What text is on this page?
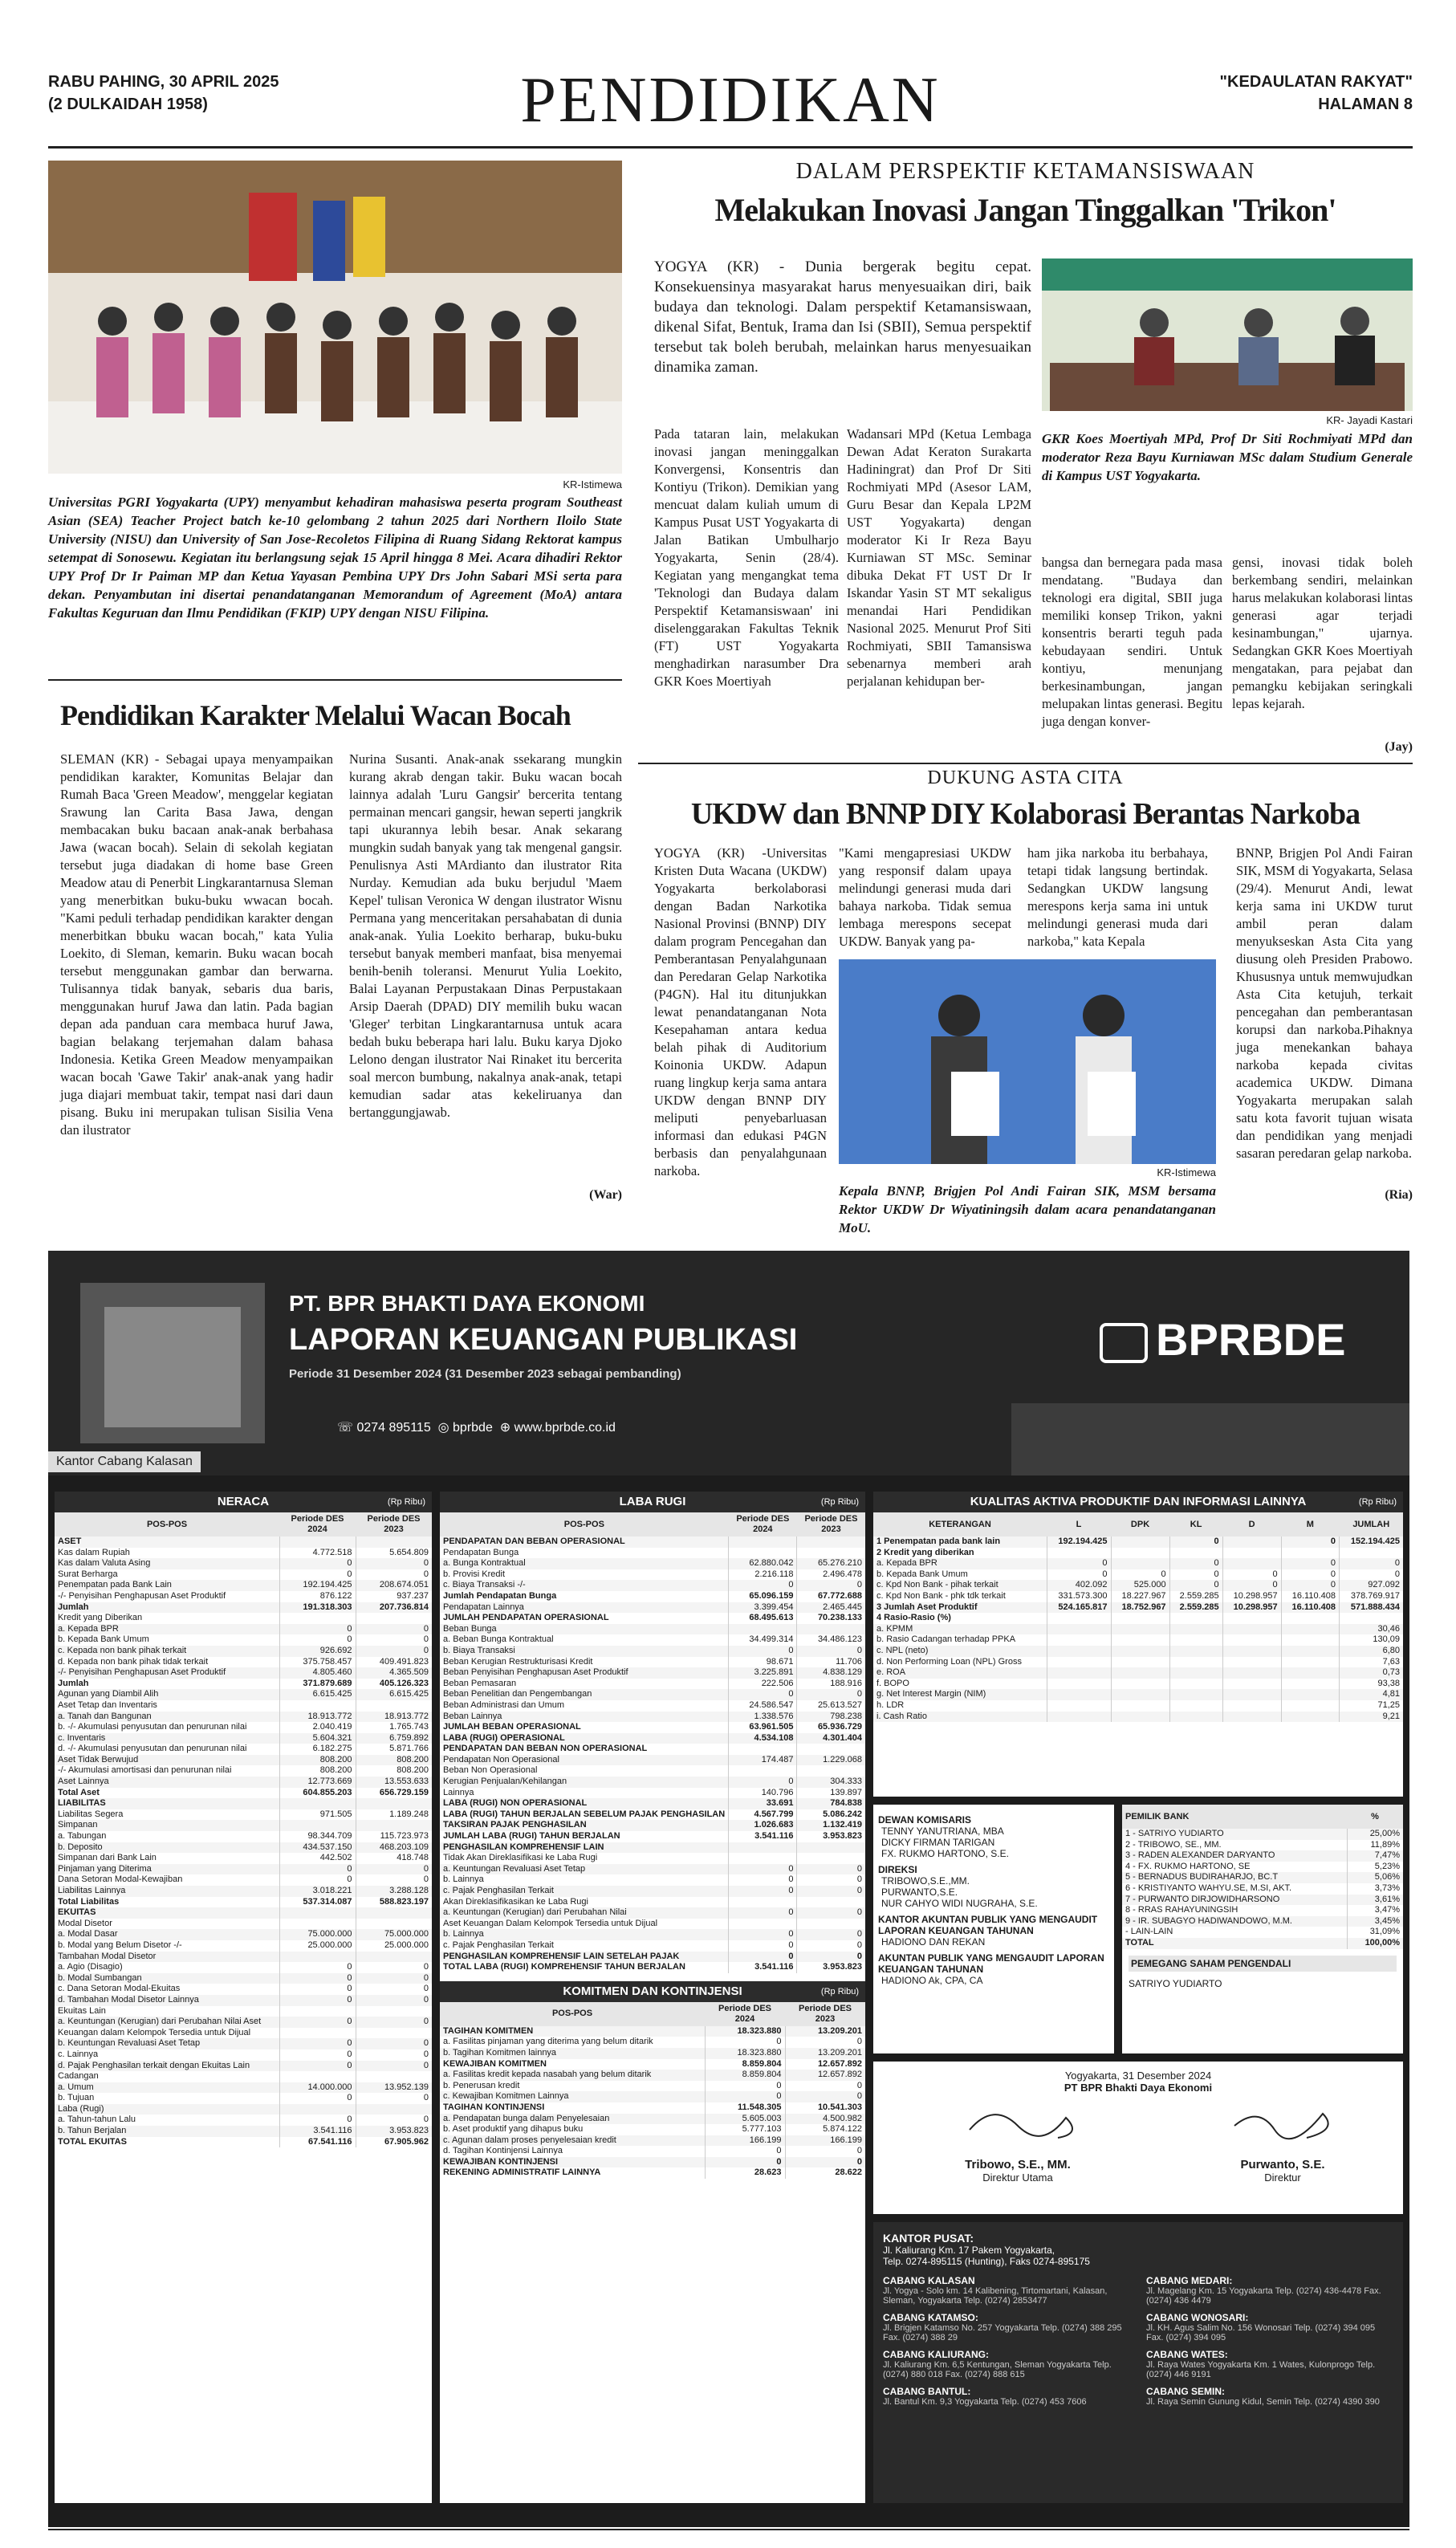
RABU PAHING, 30 APRIL 2025
(2 DULKAIDAH 1958)	PENDIDIKAN	"KEDAULATAN RAKYAT"
HALAMAN 8
KR-Istimewa
Universitas PGRI Yogyakarta (UPY) menyambut kehadiran mahasiswa peserta program Southeast Asian (SEA) Teacher Project batch ke-10 gelombang 2 tahun 2025 dari Northern Iloilo State University (NISU) dan University of San Jose-Recoletos Filipina di Ruang Sidang Rektorat kampus setempat di Sonosewu. Kegiatan itu berlangsung sejak 15 April hingga 8 Mei. Acara dihadiri Rektor UPY Prof Dr Ir Paiman MP dan Ketua Yayasan Pembina UPY Drs John Sabari MSi serta para dekan. Penyambutan ini disertai penandatanganan Memorandum of Agreement (MoA) antara Fakultas Keguruan dan Ilmu Pendidikan (FKIP) UPY dengan NISU Filipina.
DALAM PERSPEKTIF KETAMANSISWAAN
Melakukan Inovasi Jangan Tinggalkan 'Trikon'
YOGYA (KR) - Dunia bergerak begitu cepat. Konsekuensinya masyarakat harus menyesuaikan diri, baik budaya dan teknologi. Dalam perspektif Ketamansiswaan, dikenal Sifat, Bentuk, Irama dan Isi (SBII), Semua perspektif tersebut tak boleh berubah, melainkan harus menyesuaikan dinamika zaman.
KR- Jayadi Kastari
GKR Koes Moertiyah MPd, Prof Dr Siti Rochmiyati MPd dan moderator Reza Bayu Kurniawan MSc dalam Studium Generale di Kampus UST Yogyakarta.
Pada tataran lain, melakukan inovasi jangan meninggalkan Konvergensi, Konsentris dan Kontiyu (Trikon). Demikian yang mencuat dalam kuliah umum di Kampus Pusat UST Yogyakarta di Jalan Batikan Umbulharjo Yogyakarta, Senin (28/4). Kegiatan yang mengangkat tema 'Teknologi dan Budaya dalam Perspektif Ketamansiswaan' ini diselenggarakan Fakultas Teknik (FT) UST Yogyakarta menghadirkan narasumber Dra GKR Koes Moertiyah
Wadansari MPd (Ketua Lembaga Dewan Adat Keraton Surakarta Hadiningrat) dan Prof Dr Siti Rochmiyati MPd (Asesor LAM, Guru Besar dan Kepala LP2M UST Yogyakarta) dengan moderator Ki Ir Reza Bayu Kurniawan ST MSc. Seminar dibuka Dekat FT UST Dr Ir Iskandar Yasin ST MT sekaligus menandai Hari Pendidikan Nasional 2025. Menurut Prof Siti Rochmiyati, SBII Tamansiswa sebenarnya memberi arah perjalanan kehidupan ber-
bangsa dan bernegara pada masa mendatang. "Budaya dan teknologi era digital, SBII juga memiliki konsep Trikon, yakni konsentris berarti teguh pada kebudayaan sendiri. Untuk kontiyu, menunjang berkesinambungan, jangan melupakan lintas generasi. Begitu juga dengan konver-
gensi, inovasi tidak boleh berkembang sendiri, melainkan harus melakukan kolaborasi lintas generasi agar terjadi kesinambungan," ujarnya. Sedangkan GKR Koes Moertiyah mengatakan, para pejabat dan pemangku kebijakan seringkali lepas kejarah.
(Jay)
Pendidikan Karakter Melalui Wacan Bocah
SLEMAN (KR) - Sebagai upaya menyampaikan pendidikan karakter, Komunitas Belajar dan Rumah Baca 'Green Meadow', menggelar kegiatan Srawung lan Carita Basa Jawa, dengan membacakan buku bacaan anak-anak berbahasa Jawa (wacan bocah). Selain di sekolah kegiatan tersebut juga diadakan di home base Green Meadow atau di Penerbit Lingkarantarnusa Sleman yang menerbitkan buku-buku wwacan bocah. "Kami peduli terhadap pendidikan karakter dengan menerbitkan bbuku wacan bocah," kata Yulia Loekito, di Sleman, kemarin. Buku wacan bocah tersebut menggunakan gambar dan berwarna. Tulisannya tidak banyak, sebaris dua baris, menggunakan huruf Jawa dan latin. Pada bagian depan ada panduan cara membaca huruf Jawa, bagian belakang terjemahan dalam bahasa Indonesia. Ketika Green Meadow menyampaikan wacan bocah 'Gawe Takir' anak-anak yang hadir juga diajari membuat takir, tempat nasi dari daun pisang. Buku ini merupakan tulisan Sisilia Vena dan ilustrator
Nurina Susanti. Anak-anak ssekarang mungkin kurang akrab dengan takir. Buku wacan bocah lainnya adalah 'Luru Gangsir' bercerita tentang permainan mencari gangsir, hewan seperti jangkrik tapi ukurannya lebih besar. Anak sekarang mungkin sudah banyak yang tak mengenal gangsir. Penulisnya Asti MArdianto dan ilustrator Rita Nurday. Kemudian ada buku berjudul 'Maem Kepel' tulisan Veronica W dengan ilustrator Wisnu Permana yang menceritakan persahabatan di dunia anak-anak. Yulia Loekito berharap, buku-buku tersebut banyak memberi manfaat, bisa menyemai benih-benih toleransi. Menurut Yulia Loekito, Balai Layanan Perpustakaan Dinas Perpustakaan Arsip Daerah (DPAD) DIY memilih buku wacan 'Gleger' terbitan Lingkarantarnusa untuk acara bedah buku beberapa hari lalu. Buku karya Djoko Lelono dengan ilustrator Nai Rinaket itu bercerita soal mercon bumbung, nakalnya anak-anak, tetapi kemudian sadar atas kekeliruanya dan bertanggungjawab.
(War)
DUKUNG ASTA CITA
UKDW dan BNNP DIY Kolaborasi Berantas Narkoba
YOGYA (KR) -Universitas Kristen Duta Wacana (UKDW) Yogyakarta berkolaborasi dengan Badan Narkotika Nasional Provinsi (BNNP) DIY dalam program Pencegahan dan Pemberantasan Penyalahgunaan dan Peredaran Gelap Narkotika (P4GN). Hal itu ditunjukkan lewat penandatanganan Nota Kesepahaman antara kedua belah pihak di Auditorium Koinonia UKDW. Adapun ruang lingkup kerja sama antara UKDW dengan BNNP DIY meliputi penyebarluasan informasi dan edukasi P4GN berbasis dan penyalahgunaan narkoba.
"Kami mengapresiasi UKDW yang responsif dalam upaya melindungi generasi muda dari bahaya narkoba. Tidak semua lembaga merespons secepat UKDW. Banyak yang pa-
ham jika narkoba itu berbahaya, tetapi tidak langsung bertindak. Sedangkan UKDW langsung merespons kerja sama ini untuk melindungi generasi muda dari narkoba," kata Kepala
BNNP, Brigjen Pol Andi Fairan SIK, MSM di Yogyakarta, Selasa (29/4). Menurut Andi, lewat kerja sama ini UKDW turut ambil peran dalam menyukseskan Asta Cita yang diusung oleh Presiden Prabowo. Khususnya untuk memwujudkan Asta Cita ketujuh, terkait pencegahan dan pemberantasan korupsi dan narkoba.Pihaknya juga menekankan bahaya narkoba kepada civitas academica UKDW. Dimana Yogyakarta merupakan salah satu kota favorit tujuan wisata dan pendidikan yang menjadi sasaran peredaran gelap narkoba.
KR-Istimewa
Kepala BNNP, Brigjen Pol Andi Fairan SIK, MSM bersama Rektor UKDW Dr Wiyatiningsih dalam acara penandatanganan MoU.
(Ria)
PT. BPR BHAKTI DAYA EKONOMI
LAPORAN KEUANGAN PUBLIKASI
Periode 31 Desember 2024 (31 Desember 2023 sebagai pembanding)
☏ 0274 895115 ◎ bprbde ⊕ www.bprbde.co.id
BPRBDE
Kantor Cabang Kalasan
NERACA	(Rp Ribu)
POS-POS	Periode DES 2024	Periode DES 2023
ASET		
Kas dalam Rupiah	4.772.518	5.654.809
Kas dalam Valuta Asing	0	0
Surat Berharga	0	0
Penempatan pada Bank Lain	192.194.425	208.674.051
-/- Penyisihan Penghapusan Aset Produktif	876.122	937.237
Jumlah	191.318.303	207.736.814
Kredit yang Diberikan		
a. Kepada BPR	0	0
b. Kepada Bank Umum	0	0
c. Kepada non bank pihak terkait	926.692	0
d. Kepada non bank pihak tidak terkait	375.758.457	409.491.823
-/- Penyisihan Penghapusan Aset Produktif	4.805.460	4.365.509
Jumlah	371.879.689	405.126.323
Agunan yang Diambil Alih	6.615.425	6.615.425
Aset Tetap dan Inventaris		
a. Tanah dan Bangunan	18.913.772	18.913.772
b. -/- Akumulasi penyusutan dan penurunan nilai	2.040.419	1.765.743
c. Inventaris	5.604.321	6.759.892
d. -/- Akumulasi penyusutan dan penurunan nilai	6.182.275	5.871.766
Aset Tidak Berwujud	808.200	808.200
-/- Akumulasi amortisasi dan penurunan nilai	808.200	808.200
Aset Lainnya	12.773.669	13.553.633
Total Aset	604.855.203	656.729.159
LIABILITAS		
Liabilitas Segera	971.505	1.189.248
Simpanan		
a. Tabungan	98.344.709	115.723.973
b. Deposito	434.537.150	468.203.109
Simpanan dari Bank Lain	442.502	418.748
Pinjaman yang Diterima	0	0
Dana Setoran Modal-Kewajiban	0	0
Liabilitas Lainnya	3.018.221	3.288.128
Total Liabilitas	537.314.087	588.823.197
EKUITAS		
Modal Disetor		
a. Modal Dasar	75.000.000	75.000.000
b. Modal yang Belum Disetor -/-	25.000.000	25.000.000
Tambahan Modal Disetor		
a. Agio (Disagio)	0	0
b. Modal Sumbangan	0	0
c. Dana Setoran Modal-Ekuitas	0	0
d. Tambahan Modal Disetor Lainnya	0	0
Ekuitas Lain		
a. Keuntungan (Kerugian) dari Perubahan Nilai Aset	0	0
Keuangan dalam Kelompok Tersedia untuk Dijual		
b. Keuntungan Revaluasi Aset Tetap	0	0
c. Lainnya	0	0
d. Pajak Penghasilan terkait dengan Ekuitas Lain	0	0
Cadangan		
a. Umum	14.000.000	13.952.139
b. Tujuan	0	0
Laba (Rugi)		
a. Tahun-tahun Lalu	0	0
b. Tahun Berjalan	3.541.116	3.953.823
TOTAL EKUITAS	67.541.116	67.905.962
LABA RUGI	(Rp Ribu)
POS-POS	Periode DES 2024	Periode DES 2023
PENDAPATAN DAN BEBAN OPERASIONAL		
Pendapatan Bunga		
a. Bunga Kontraktual	62.880.042	65.276.210
b. Provisi Kredit	2.216.118	2.496.478
c. Biaya Transaksi -/-	0	0
Jumlah Pendapatan Bunga	65.096.159	67.772.688
Pendapatan Lainnya	3.399.454	2.465.445
JUMLAH PENDAPATAN OPERASIONAL	68.495.613	70.238.133
Beban Bunga		
a. Beban Bunga Kontraktual	34.499.314	34.486.123
b. Biaya Transaksi	0	0
Beban Kerugian Restrukturisasi Kredit	98.671	11.706
Beban Penyisihan Penghapusan Aset Produktif	3.225.891	4.838.129
Beban Pemasaran	222.506	188.916
Beban Penelitian dan Pengembangan	0	0
Beban Administrasi dan Umum	24.586.547	25.613.527
Beban Lainnya	1.338.576	798.238
JUMLAH BEBAN OPERASIONAL	63.961.505	65.936.729
LABA (RUGI) OPERASIONAL	4.534.108	4.301.404
PENDAPATAN DAN BEBAN NON OPERASIONAL		
Pendapatan Non Operasional	174.487	1.229.068
Beban Non Operasional		
Kerugian Penjualan/Kehilangan	0	304.333
Lainnya	140.796	139.897
LABA (RUGI) NON OPERASIONAL	33.691	784.838
LABA (RUGI) TAHUN BERJALAN SEBELUM PAJAK PENGHASILAN	4.567.799	5.086.242
TAKSIRAN PAJAK PENGHASILAN	1.026.683	1.132.419
JUMLAH LABA (RUGI) TAHUN BERJALAN	3.541.116	3.953.823
PENGHASILAN KOMPREHENSIF LAIN		
Tidak Akan Direklasifikasi ke Laba Rugi		
a. Keuntungan Revaluasi Aset Tetap	0	0
b. Lainnya	0	0
c. Pajak Penghasilan Terkait	0	0
Akan Direklasifikasikan ke Laba Rugi		
a. Keuntungan (Kerugian) dari Perubahan Nilai	0	0
Aset Keuangan Dalam Kelompok Tersedia untuk Dijual		
b. Lainnya	0	0
c. Pajak Penghasilan Terkait	0	0
PENGHASILAN KOMPREHENSIF LAIN SETELAH PAJAK	0	0
TOTAL LABA (RUGI) KOMPREHENSIF TAHUN BERJALAN	3.541.116	3.953.823
KOMITMEN DAN KONTINJENSI	(Rp Ribu)
POS-POS	Periode DES 2024	Periode DES 2023
TAGIHAN KOMITMEN	18.323.880	13.209.201
a. Fasilitas pinjaman yang diterima yang belum ditarik	0	0
b. Tagihan Komitmen lainnya	18.323.880	13.209.201
KEWAJIBAN KOMITMEN	8.859.804	12.657.892
a. Fasilitas kredit kepada nasabah yang belum ditarik	8.859.804	12.657.892
b. Penerusan kredit	0	0
c. Kewajiban Komitmen Lainnya	0	0
TAGIHAN KONTINJENSI	11.548.305	10.541.303
a. Pendapatan bunga dalam Penyelesaian	5.605.003	4.500.982
b. Aset produktif yang dihapus buku	5.777.103	5.874.122
c. Agunan dalam proses penyelesaian kredit	166.199	166.199
d. Tagihan Kontinjensi Lainnya	0	0
KEWAJIBAN KONTINJENSI	0	0
REKENING ADMINISTRATIF LAINNYA	28.623	28.622
KUALITAS AKTIVA PRODUKTIF DAN INFORMASI LAINNYA	(Rp Ribu)
KETERANGAN	L	DPK	KL	D	M	JUMLAH
1 Penempatan pada bank lain	192.194.425		0		0	152.194.425
2 Kredit yang diberikan						
a. Kepada BPR	0		0		0	0
b. Kepada Bank Umum	0	0	0	0	0	0
c. Kpd Non Bank - pihak terkait	402.092	525.000	0	0	0	927.092
c. Kpd Non Bank - phk tdk terkait	331.573.300	18.227.967	2.559.285	10.298.957	16.110.408	378.769.917
3 Jumlah Aset Produktif	524.165.817	18.752.967	2.559.285	10.298.957	16.110.408	571.888.434
4 Rasio-Rasio (%)						
a. KPMM						30,46
b. Rasio Cadangan terhadap PPKA						130,09
c. NPL (neto)						6,80
d. Non Performing Loan (NPL) Gross						7,63
e. ROA						0,73
f. BOPO						93,38
g. Net Interest Margin (NIM)						4,81
h. LDR						71,25
i. Cash Ratio						9,21
DEWAN KOMISARIS
TENNY YANUTRIANA, MBA
DICKY FIRMAN TARIGAN
FX. RUKMO HARTONO, S.E.
DIREKSI
TRIBOWO,S.E.,MM.
PURWANTO,S.E.
NUR CAHYO WIDI NUGRAHA, S.E.
KANTOR AKUNTAN PUBLIK YANG MENGAUDIT LAPORAN KEUANGAN TAHUNAN
HADIONO DAN REKAN
AKUNTAN PUBLIK YANG MENGAUDIT LAPORAN KEUANGAN TAHUNAN
HADIONO Ak, CPA, CA
PEMILIK BANK	%
1 - SATRIYO YUDIARTO	25,00%
2 - TRIBOWO, SE., MM.	11,89%
3 - RADEN ALEXANDER DARYANTO	7,47%
4 - FX. RUKMO HARTONO, SE	5,23%
5 - BERNADUS BUDIRAHARJO, BC.T	5,06%
6 - KRISTIYANTO WAHYU.SE, M.SI, AKT.	3,73%
7 - PURWANTO DIRJOWIDHARSONO	3,61%
8 - RRAS RAHAYUNINGSIH	3,47%
9 - IR. SUBAGYO HADIWANDOWO, M.M.	3,45%
- LAIN-LAIN	31,09%
TOTAL	100,00%
PEMEGANG SAHAM PENGENDALI
SATRIYO YUDIARTO
Yogyakarta, 31 Desember 2024
PT BPR Bhakti Daya Ekonomi
Tribowo, S.E., MM.
Direktur Utama
Purwanto, S.E.
Direktur
KANTOR PUSAT:
Jl. Kaliurang Km. 17 Pakem Yogyakarta,
Telp. 0274-895115 (Hunting), Faks 0274-895175
CABANG KALASAN
Jl. Yogya - Solo km. 14 Kalibening, Tirtomartani, Kalasan, Sleman, Yogyakarta Telp. (0274) 2853477
CABANG MEDARI:
Jl. Magelang Km. 15 Yogyakarta Telp. (0274) 436-4478 Fax. (0274) 436 4479
CABANG KATAMSO:
Jl. Brigjen Katamso No. 257 Yogyakarta Telp. (0274) 388 295 Fax. (0274) 388 29
CABANG WONOSARI:
Jl. KH. Agus Salim No. 156 Wonosari Telp. (0274) 394 095 Fax. (0274) 394 095
CABANG KALIURANG:
Jl. Kaliurang Km. 6,5 Kentungan, Sleman Yogyakarta Telp. (0274) 880 018 Fax. (0274) 888 615
CABANG WATES:
Jl. Raya Wates Yogyakarta Km. 1 Wates, Kulonprogo Telp. (0274) 446 9191
CABANG BANTUL:
Jl. Bantul Km. 9,3 Yogyakarta Telp. (0274) 453 7606
CABANG SEMIN:
Jl. Raya Semin Gunung Kidul, Semin Telp. (0274) 4390 390
